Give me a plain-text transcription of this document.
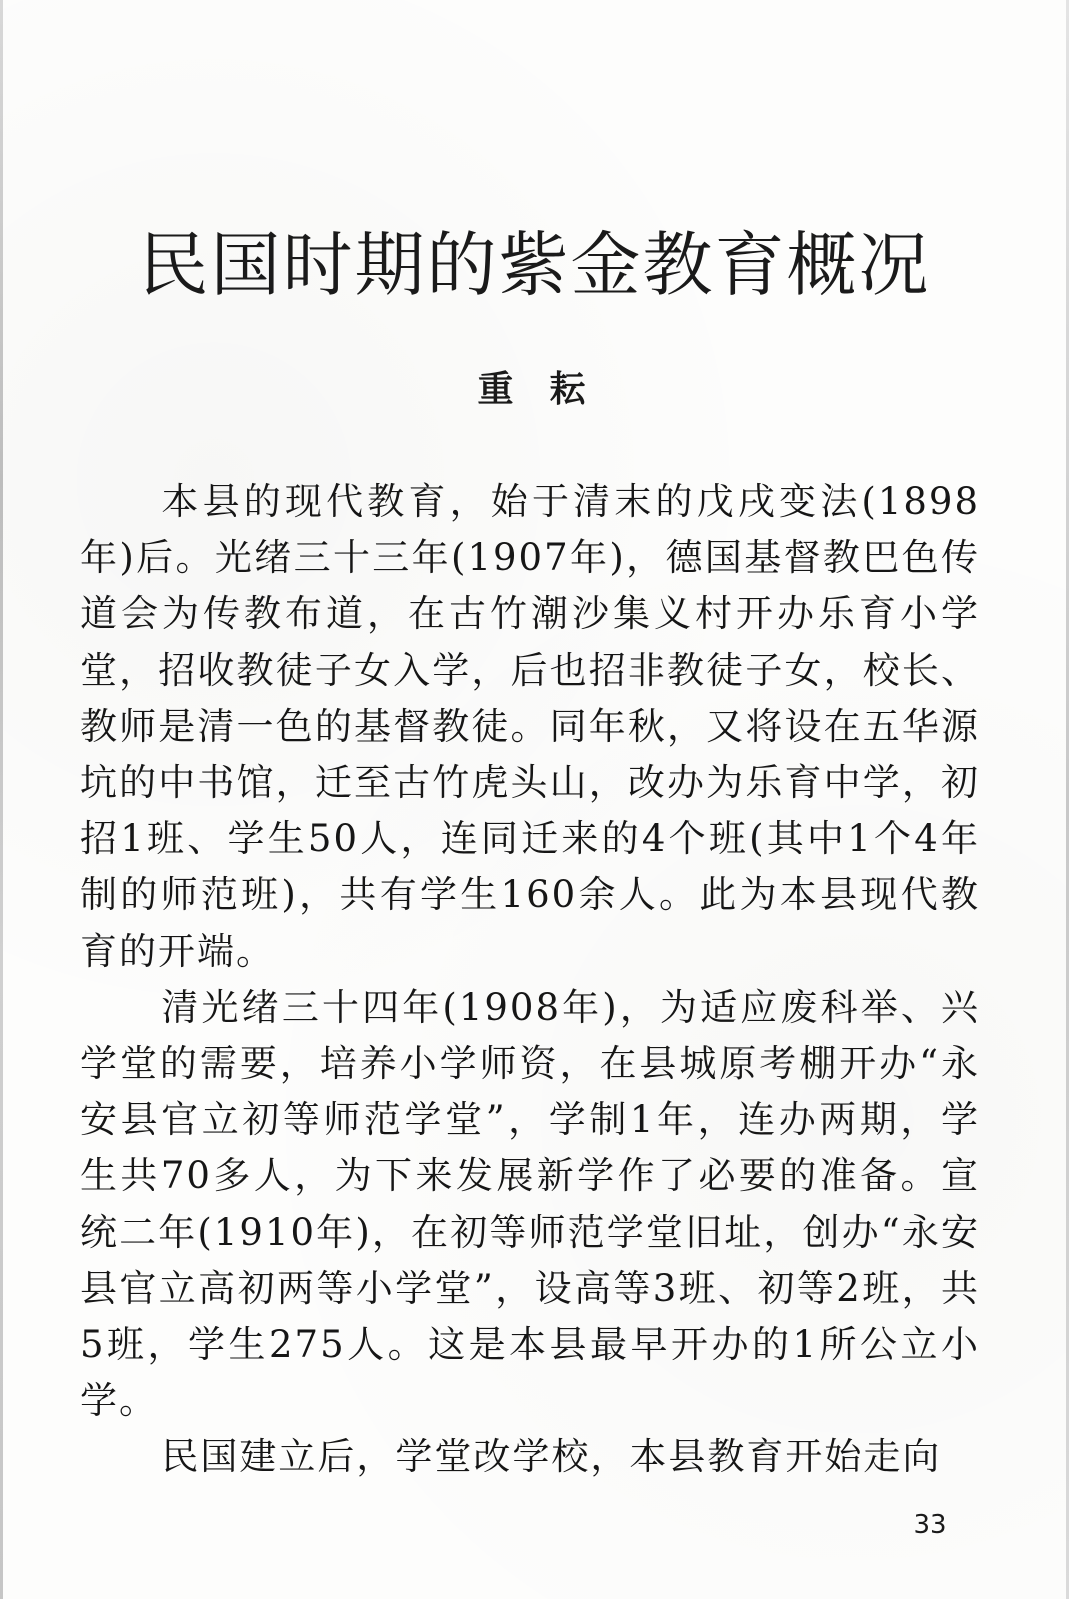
民国时期的紫金教育概况
重耘

本县的现代教育，始于清末的戊戌变法(1898年)后。光绪三十三年(1907年)，德国基督教巴色传道会为传教布道，在古竹潮沙集义村开办乐育小学堂，招收教徒子女入学，后也招非教徒子女，校长、教师是清一色的基督教徒。同年秋，又将设在五华源坑的中书馆，迁至古竹虎头山，改办为乐育中学，初招1班、学生50人，连同迁来的4个班(其中1个4年制的师范班)，共有学生160余人。此为本县现代教育的开端。

清光绪三十四年(1908年)，为适应废科举、兴学堂的需要，培养小学师资，在县城原考棚开办“永安县官立初等师范学堂”，学制1年，连办两期，学生共70多人，为下来发展新学作了必要的准备。宣统二年(1910年)，在初等师范学堂旧址，创办“永安县官立高初两等小学堂”，设高等3班、初等2班，共5班，学生275人。这是本县最早开办的1所公立小学。

民国建立后，学堂改学校，本县教育开始走向

33
